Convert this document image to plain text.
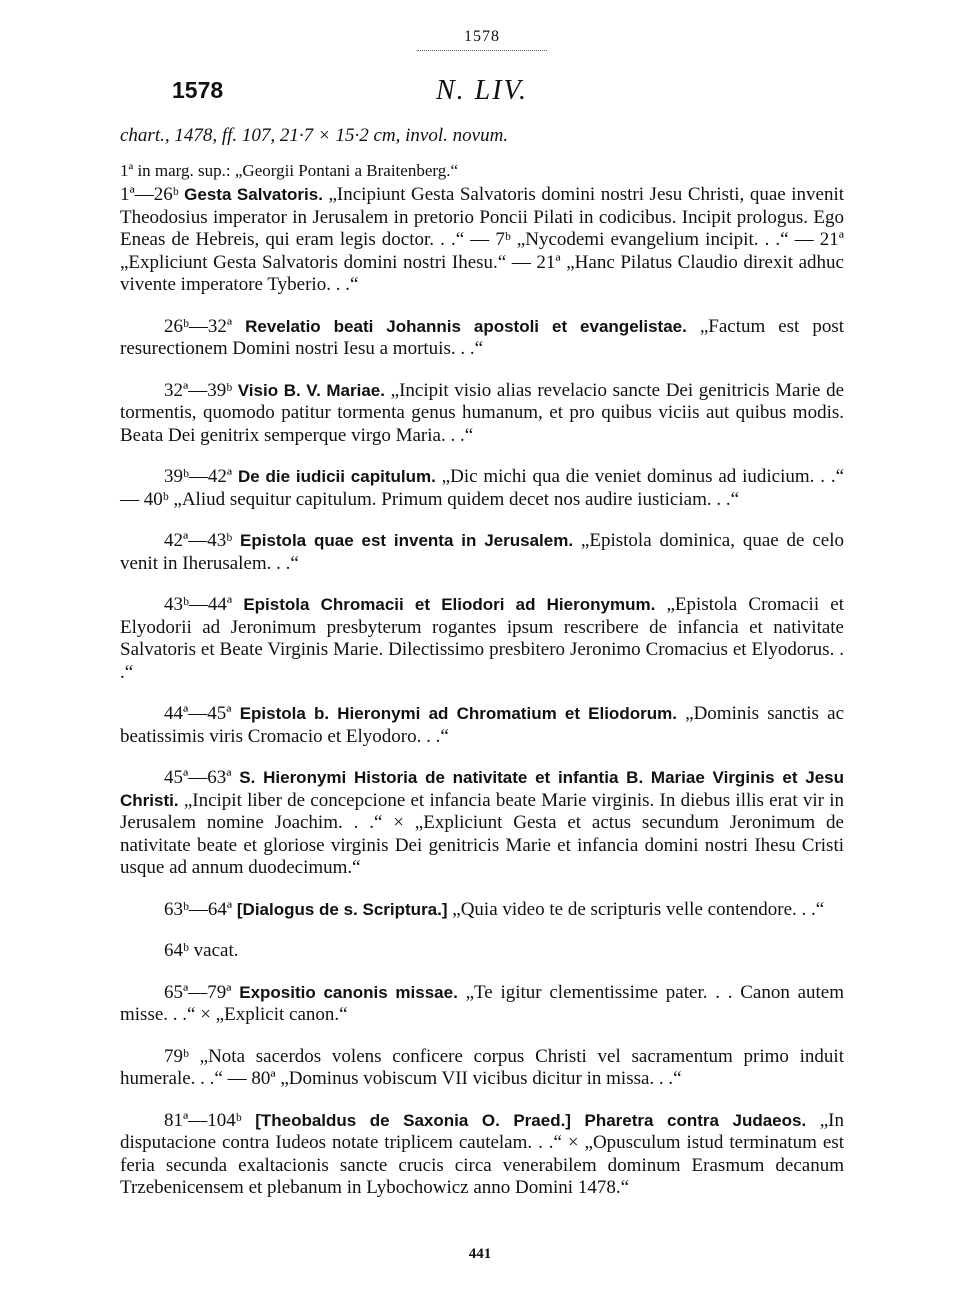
1578
1578	N. LIV.
chart., 1478, ff. 107, 21·7 × 15·2 cm, invol. novum.
1ª in marg. sup.: „Georgii Pontani a Braitenberg.“

1ª—26ᵇ Gesta Salvatoris. „Incipiunt Gesta Salvatoris domini nostri Jesu Christi, quae invenit Theodosius imperator in Jerusalem in pretorio Poncii Pilati in codicibus. Incipit prologus. Ego Eneas de Hebreis, qui eram legis doctor. . .“ — 7ᵇ „Nycodemi evangelium incipit. . .“ — 21ª „Expliciunt Gesta Salvatoris domini nostri Ihesu.“ — 21ª „Hanc Pilatus Claudio direxit adhuc vivente imperatore Tyberio. . .“

26ᵇ—32ª Revelatio beati Johannis apostoli et evangelistae. „Factum est post resurectionem Domini nostri Iesu a mortuis. . .“

32ª—39ᵇ Visio B. V. Mariae. „Incipit visio alias revelacio sancte Dei genitricis Marie de tormentis, quomodo patitur tormenta genus humanum, et pro quibus viciis aut quibus modis. Beata Dei genitrix semperque virgo Maria. . .“

39ᵇ—42ª De die iudicii capitulum. „Dic michi qua die veniet dominus ad iudicium. . .“ — 40ᵇ „Aliud sequitur capitulum. Primum quidem decet nos audire iusticiam. . .“

42ª—43ᵇ Epistola quae est inventa in Jerusalem. „Epistola dominica, quae de celo venit in Iherusalem. . .“

43ᵇ—44ª Epistola Chromacii et Eliodori ad Hieronymum. „Epistola Cromacii et Elyodorii ad Jeronimum presbyterum rogantes ipsum rescribere de infancia et nativitate Salvatoris et Beate Virginis Marie. Dilectissimo presbitero Jeronimo Cromacius et Elyodorus. . .“

44ª—45ª Epistola b. Hieronymi ad Chromatium et Eliodorum. „Dominis sanctis ac beatissimis viris Cromacio et Elyodoro. . .“

45ª—63ª S. Hieronymi Historia de nativitate et infantia B. Mariae Virginis et Jesu Christi. „Incipit liber de concepcione et infancia beate Marie virginis. In diebus illis erat vir in Jerusalem nomine Joachim. . .“ × „Expliciunt Gesta et actus secundum Jeronimum de nativitate beate et gloriose virginis Dei genitricis Marie et infancia domini nostri Ihesu Cristi usque ad annum duodecimum.“

63ᵇ—64ª [Dialogus de s. Scriptura.] „Quia video te de scripturis velle contendore. . .“

64ᵇ vacat.

65ª—79ª Expositio canonis missae. „Te igitur clementissime pater. . . Canon autem misse. . .“ × „Explicit canon.“

79ᵇ „Nota sacerdos volens conficere corpus Christi vel sacramentum primo induit humerale. . .“ — 80ª „Dominus vobiscum VII vicibus dicitur in missa. . .“

81ª—104ᵇ [Theobaldus de Saxonia O. Praed.] Pharetra contra Judaeos. „In disputacione contra Iudeos notate triplicem cautelam. . .“ × „Opusculum istud terminatum est feria secunda exaltacionis sancte crucis circa venerabilem dominum Erasmum decanum Trzebenicensem et plebanum in Lybochowicz anno Domini 1478.“

441
